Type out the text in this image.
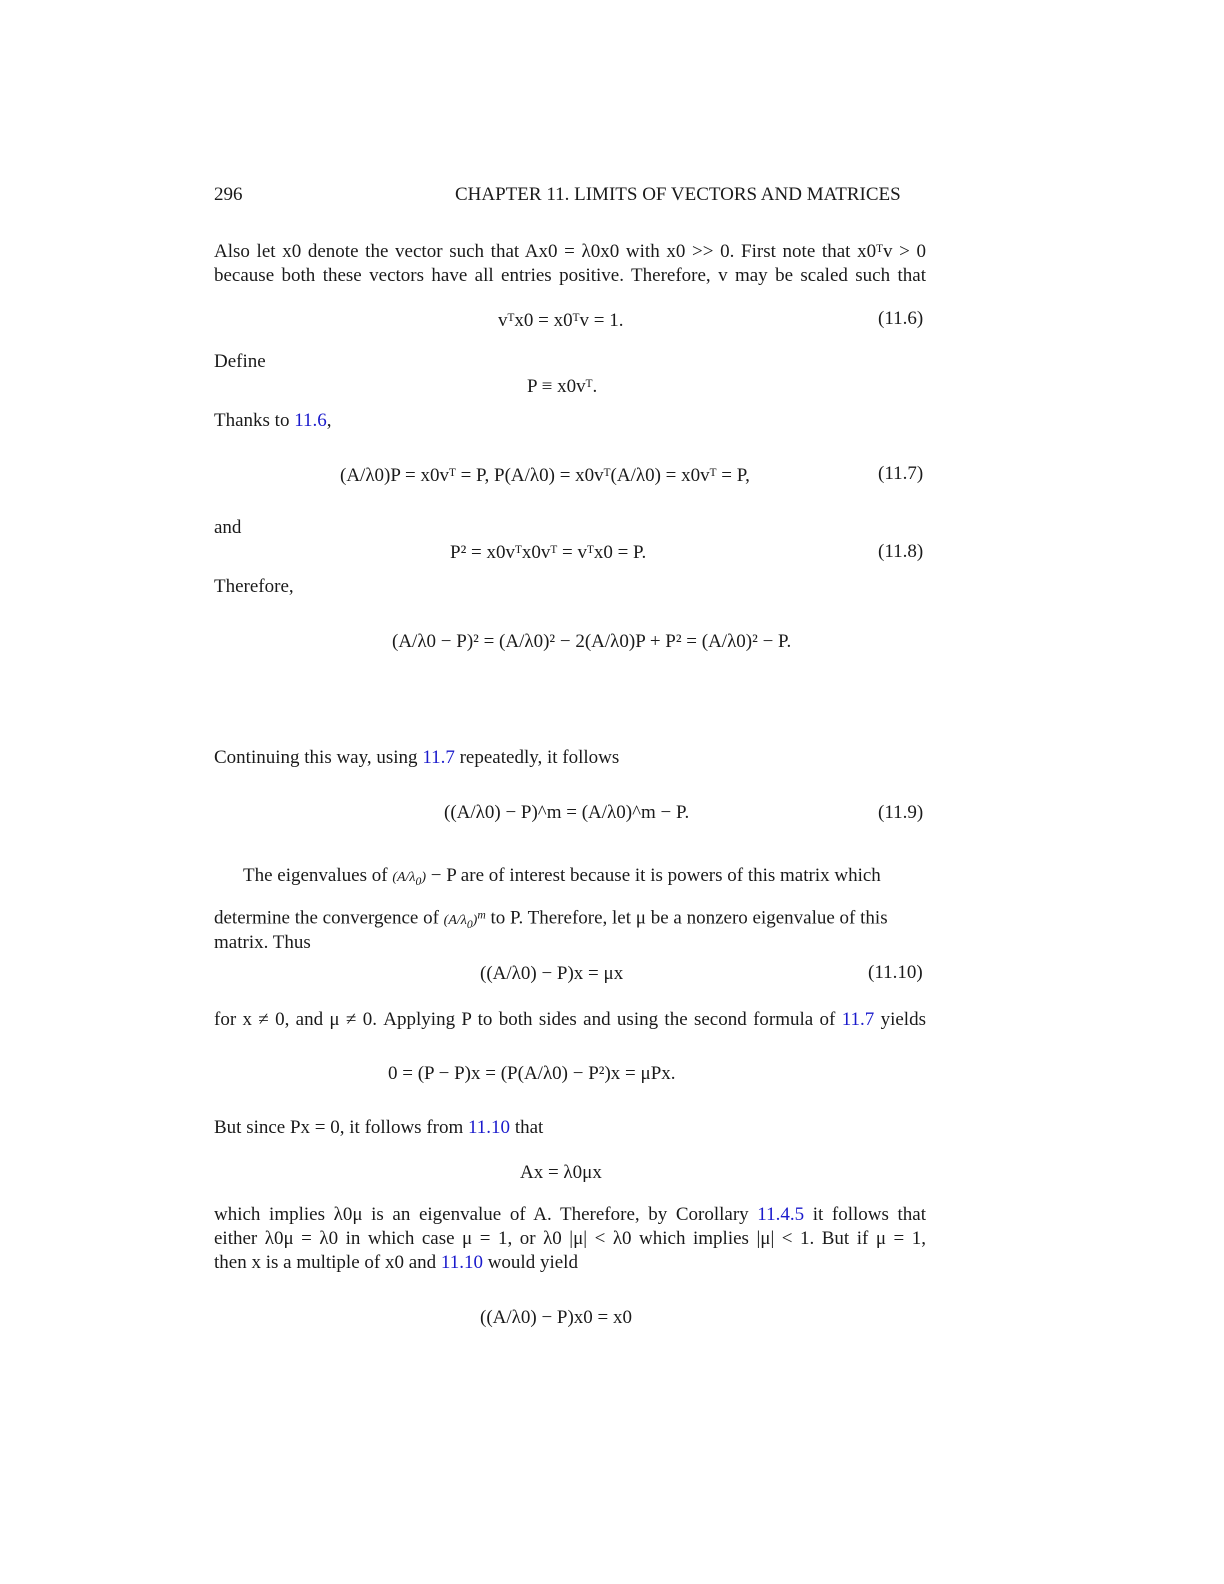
296	CHAPTER 11. LIMITS OF VECTORS AND MATRICES
Also let x0 denote the vector such that Ax0 = λ0x0 with x0 >> 0. First note that x0ᵀv > 0
because both these vectors have all entries positive. Therefore, v may be scaled such that
vᵀx0 = x0ᵀv = 1.	(11.6)
Define
P ≡ x0vᵀ.
Thanks to 11.6,
(A/λ0)P = x0vᵀ = P, P(A/λ0) = x0vᵀ(A/λ0) = x0vᵀ = P,	(11.7)
and
P² = x0vᵀx0vᵀ = vᵀx0 = P.	(11.8)
Therefore,
(A/λ0 − P)² = (A/λ0)² − 2(A/λ0)P + P² = (A/λ0)² − P.
Continuing this way, using 11.7 repeatedly, it follows
((A/λ0) − P)^m = (A/λ0)^m − P.	(11.9)
The eigenvalues of $(A/\lambda_0) - P$ are of interest because it is powers of this matrix which
determine the convergence of $(A/\lambda_0)^m$ to P. Therefore, let μ be a nonzero eigenvalue of this
matrix. Thus
((A/λ0) − P)x = μx	(11.10)
for x ≠ 0, and μ ≠ 0. Applying P to both sides and using the second formula of 11.7 yields
0 = (P − P)x = (P(A/λ0) − P²)x = μPx.
But since Px = 0, it follows from 11.10 that
Ax = λ0μx
which implies λ0μ is an eigenvalue of A. Therefore, by Corollary 11.4.5 it follows that
either λ0μ = λ0 in which case μ = 1, or λ0 |μ| < λ0 which implies |μ| < 1. But if μ = 1,
then x is a multiple of x0 and 11.10 would yield
((A/λ0) − P)x0 = x0
